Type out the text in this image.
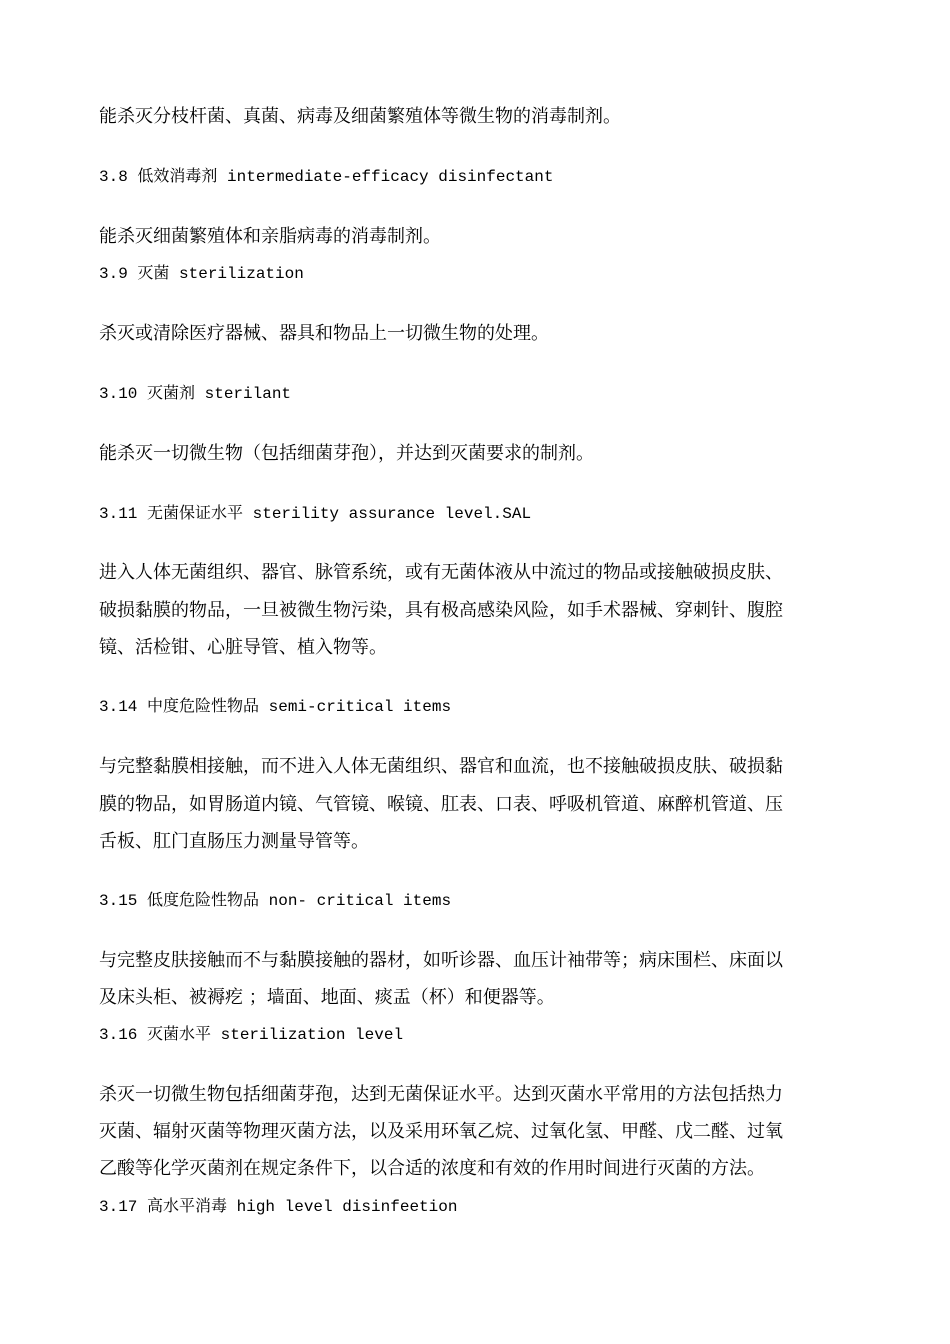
能杀灭分枝杆菌、真菌、病毒及细菌繁殖体等微生物的消毒制剂。
3.8 低效消毒剂 intermediate-efficacy disinfectant
能杀灭细菌繁殖体和亲脂病毒的消毒制剂。
3.9 灭菌 sterilization
杀灭或清除医疗器械、器具和物品上一切微生物的处理。
3.10 灭菌剂 sterilant
能杀灭一切微生物（包括细菌芽孢），并达到灭菌要求的制剂。
3.11 无菌保证水平 sterility assurance level.SAL
进入人体无菌组织、器官、脉管系统，或有无菌体液从中流过的物品或接触破损皮肤、
破损黏膜的物品，一旦被微生物污染，具有极高感染风险，如手术器械、穿刺针、腹腔
镜、活检钳、心脏导管、植入物等。
3.14 中度危险性物品 semi-critical items
与完整黏膜相接触，而不进入人体无菌组织、器官和血流，也不接触破损皮肤、破损黏
膜的物品，如胃肠道内镜、气管镜、喉镜、肛表、口表、呼吸机管道、麻醉机管道、压
舌板、肛门直肠压力测量导管等。
3.15 低度危险性物品 non- critical items
与完整皮肤接触而不与黏膜接触的器材，如听诊器、血压计袖带等；病床围栏、床面以
及床头柜、被褥疙 ；墙面、地面、痰盂（杯）和便器等。
3.16 灭菌水平 sterilization level
杀灭一切微生物包括细菌芽孢，达到无菌保证水平。达到灭菌水平常用的方法包括热力
灭菌、辐射灭菌等物理灭菌方法，以及采用环氧乙烷、过氧化氢、甲醛、戊二醛、过氧
乙酸等化学灭菌剂在规定条件下，以合适的浓度和有效的作用时间进行灭菌的方法。
3.17 高水平消毒 high level disinfeetion
